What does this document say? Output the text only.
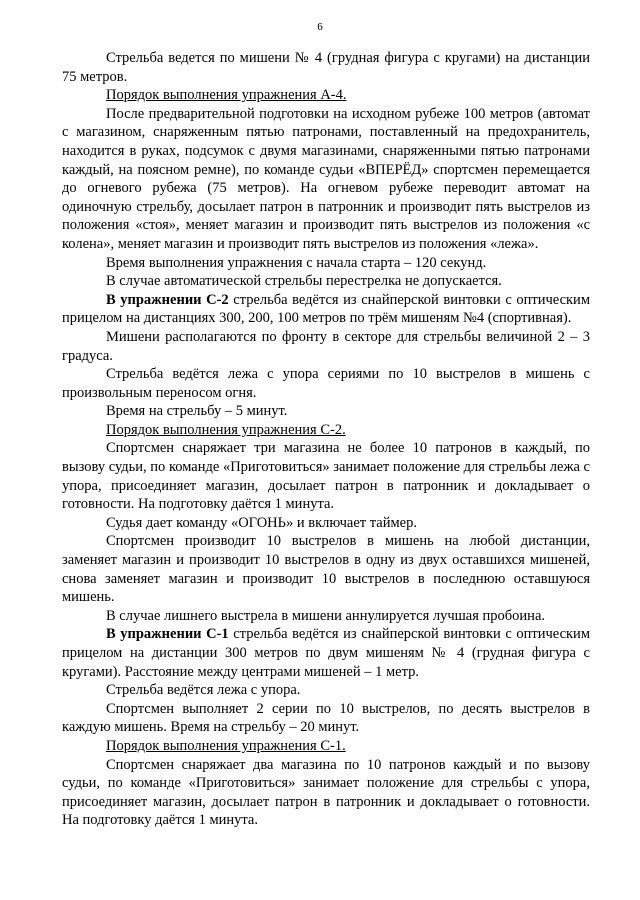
6

Стрельба ведется по мишени № 4 (грудная фигура с кругами) на дистанции 75 метров.

Порядок выполнения упражнения А-4.

После предварительной подготовки на исходном рубеже 100 метров (автомат с магазином, снаряженным пятью патронами, поставленный на предохранитель, находится в руках, подсумок с двумя магазинами, снаряженными пятью патронами каждый, на поясном ремне), по команде судьи «ВПЕРЁД» спортсмен перемещается до огневого рубежа (75 метров). На огневом рубеже переводит автомат на одиночную стрельбу, досылает патрон в патронник и производит пять выстрелов из положения «стоя», меняет магазин и производит пять выстрелов из положения «с колена», меняет магазин и производит пять выстрелов из положения «лежа».

Время выполнения упражнения с начала старта – 120 секунд.

В случае автоматической стрельбы перестрелка не допускается.

В упражнении С-2 стрельба ведётся из снайперской винтовки с оптическим прицелом на дистанциях 300, 200, 100 метров по трём мишеням №4 (спортивная).

Мишени располагаются по фронту в секторе для стрельбы величиной 2 – 3 градуса.

Стрельба ведётся лежа с упора сериями по 10 выстрелов в мишень с произвольным переносом огня.

Время на стрельбу – 5 минут.

Порядок выполнения упражнения С-2.

Спортсмен снаряжает три магазина не более 10 патронов в каждый, по вызову судьи, по команде «Приготовиться» занимает положение для стрельбы лежа с упора, присоединяет магазин, досылает патрон в патронник и докладывает о готовности. На подготовку даётся 1 минута.

Судья дает команду «ОГОНЬ» и включает таймер.

Спортсмен производит 10 выстрелов в мишень на любой дистанции, заменяет магазин и производит 10 выстрелов в одну из двух оставшихся мишеней, снова заменяет магазин и производит 10 выстрелов в последнюю оставшуюся мишень.

В случае лишнего выстрела в мишени аннулируется лучшая пробоина.

В упражнении С-1 стрельба ведётся из снайперской винтовки с оптическим прицелом на дистанции 300 метров по двум мишеням № 4 (грудная фигура с кругами). Расстояние между центрами мишеней – 1 метр.

Стрельба ведётся лежа с упора.

Спортсмен выполняет 2 серии по 10 выстрелов, по десять выстрелов в каждую мишень. Время на стрельбу – 20 минут.

Порядок выполнения упражнения С-1.

Спортсмен снаряжает два магазина по 10 патронов каждый и по вызову судьи, по команде «Приготовиться» занимает положение для стрельбы с упора, присоединяет магазин, досылает патрон в патронник и докладывает о готовности. На подготовку даётся 1 минута.
